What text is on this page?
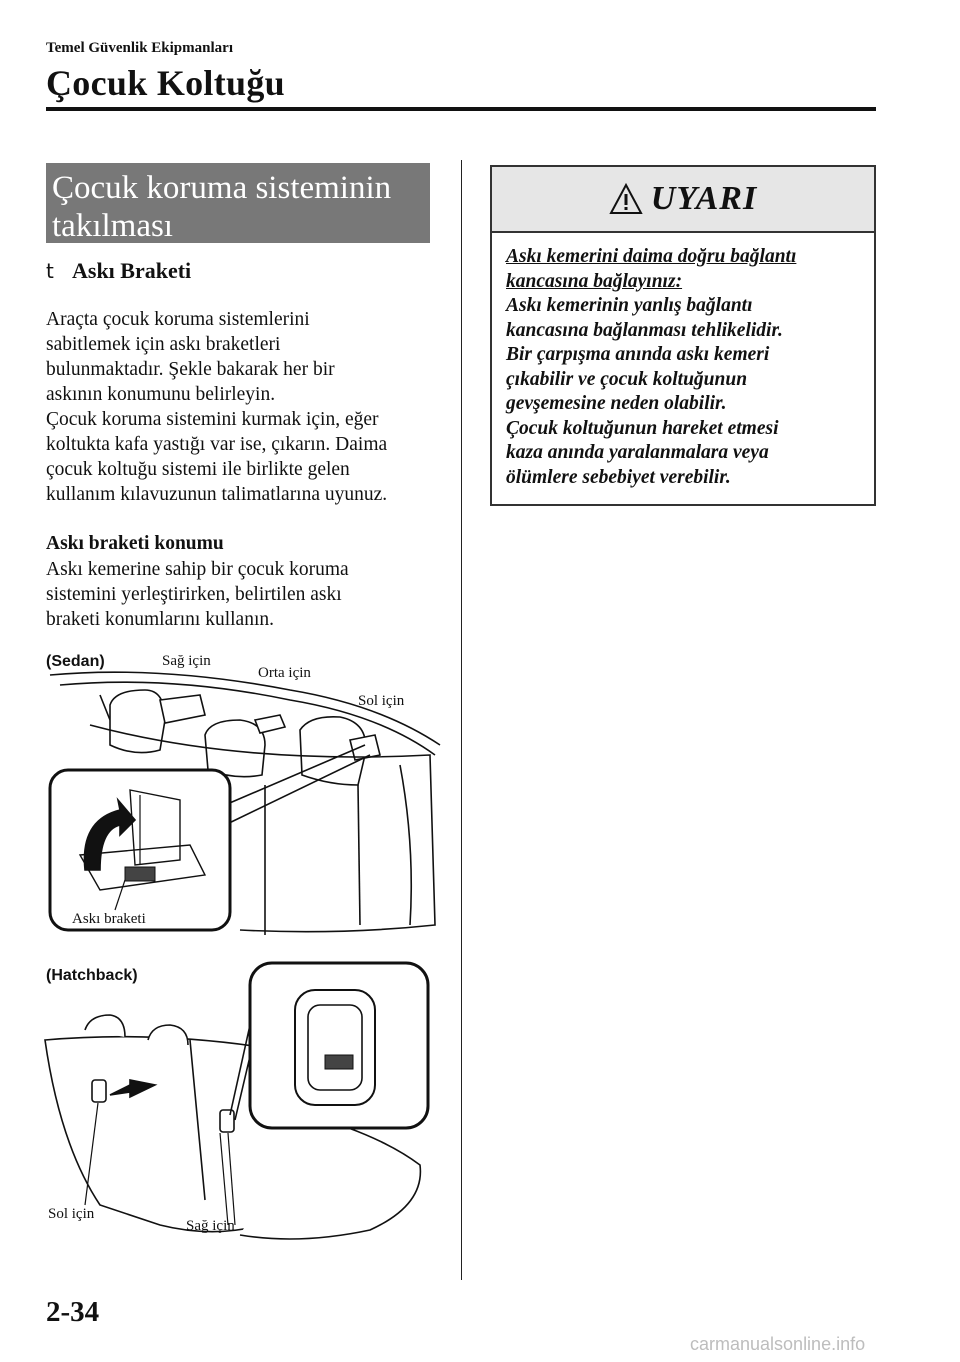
Temel Güvenlik Ekipmanları
Çocuk Koltuğu
Çocuk koruma sisteminin
takılması
t Askı Braketi
Araçta çocuk koruma sistemlerini
sabitlemek için askı braketleri
bulunmaktadır. Şekle bakarak her bir
askının konumunu belirleyin.
Çocuk koruma sistemini kurmak için, eğer
koltukta kafa yastığı var ise, çıkarın. Daima
çocuk koltuğu sistemi ile birlikte gelen
kullanım kılavuzunun talimatlarına uyunuz.
Askı braketi konumu
Askı kemerine sahip bir çocuk koruma
sistemini yerleştirirken, belirtilen askı
braketi konumlarını kullanın.
(Sedan)	Sağ için
Orta için
Sol için
Askı braketi
(Hatchback)
Sol için
Sağ için
UYARI
Askı kemerini daima doğru bağlantı
kancasına bağlayınız:
Askı kemerinin yanlış bağlantı
kancasına bağlanması tehlikelidir.
Bir çarpışma anında askı kemeri
çıkabilir ve çocuk koltuğunun
gevşemesine neden olabilir.
Çocuk koltuğunun hareket etmesi
kaza anında yaralanmalara veya
ölümlere sebebiyet verebilir.
2-34
carmanualsonline.info
